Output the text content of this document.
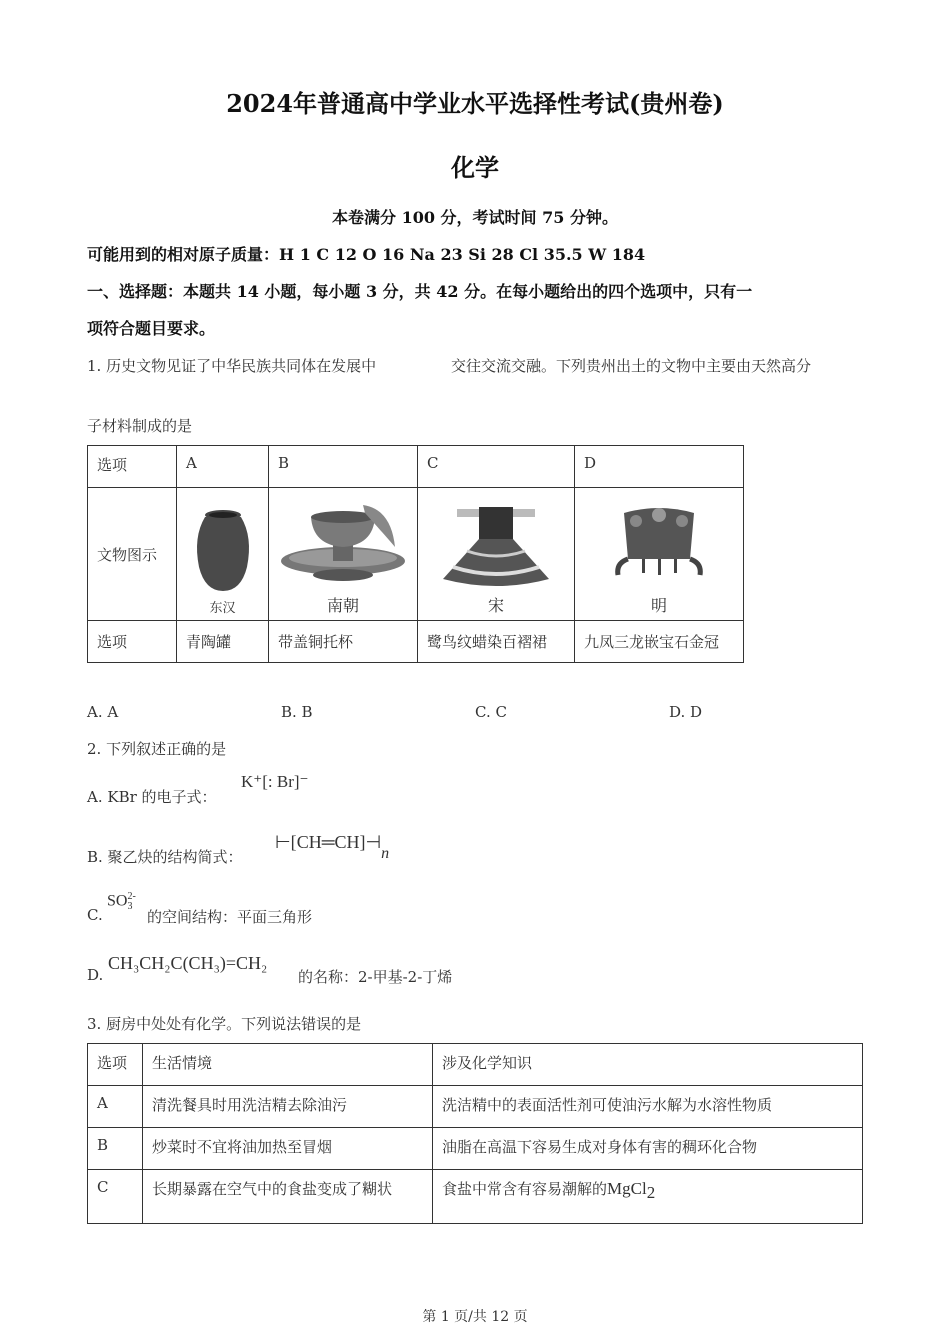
2024年普通高中学业水平选择性考试(贵州卷)
化学
本卷满分 100 分，考试时间 75 分钟。
可能用到的相对原子质量：H 1 C 12 O 16 Na 23 Si 28 Cl 35.5 W 184
一、选择题：本题共 14 小题，每小题 3 分，共 42 分。在每小题给出的四个选项中，只有一
项符合题目要求。
1. 历史文物见证了中华民族共同体在发展中	交往交流交融。下列贵州出土的文物中主要由天然高分
子材料制成的是
选项	A	B	C	D
文物图示	东汉	南朝	宋	明

选项	青陶罐	带盖铜托杯	鹭鸟纹蜡染百褶裙	九凤三龙嵌宝石金冠
A. A	B. B	C. C	D. D
2. 下列叙述正确的是
A. KBr 的电子式：
K⁺[: Br]⁻
B. 聚乙炔的结构简式：
⊢[CH═CH]⊣n
C.
SO 2-
3
的空间结构：平面三角形
D.
CH₃CH₂C(CH₃)=CH₂
的名称：2-甲基-2-丁烯
3. 厨房中处处有化学。下列说法错误的是
选项	生活情境	涉及化学知识
A	清洗餐具时用洗洁精去除油污	洗洁精中的表面活性剂可使油污水解为水溶性物质
B	炒菜时不宜将油加热至冒烟	油脂在高温下容易生成对身体有害的稠环化合物
C	长期暴露在空气中的食盐变成了糊状	食盐中常含有容易潮解的MgCl$_2$
第 1 页/共 12 页
